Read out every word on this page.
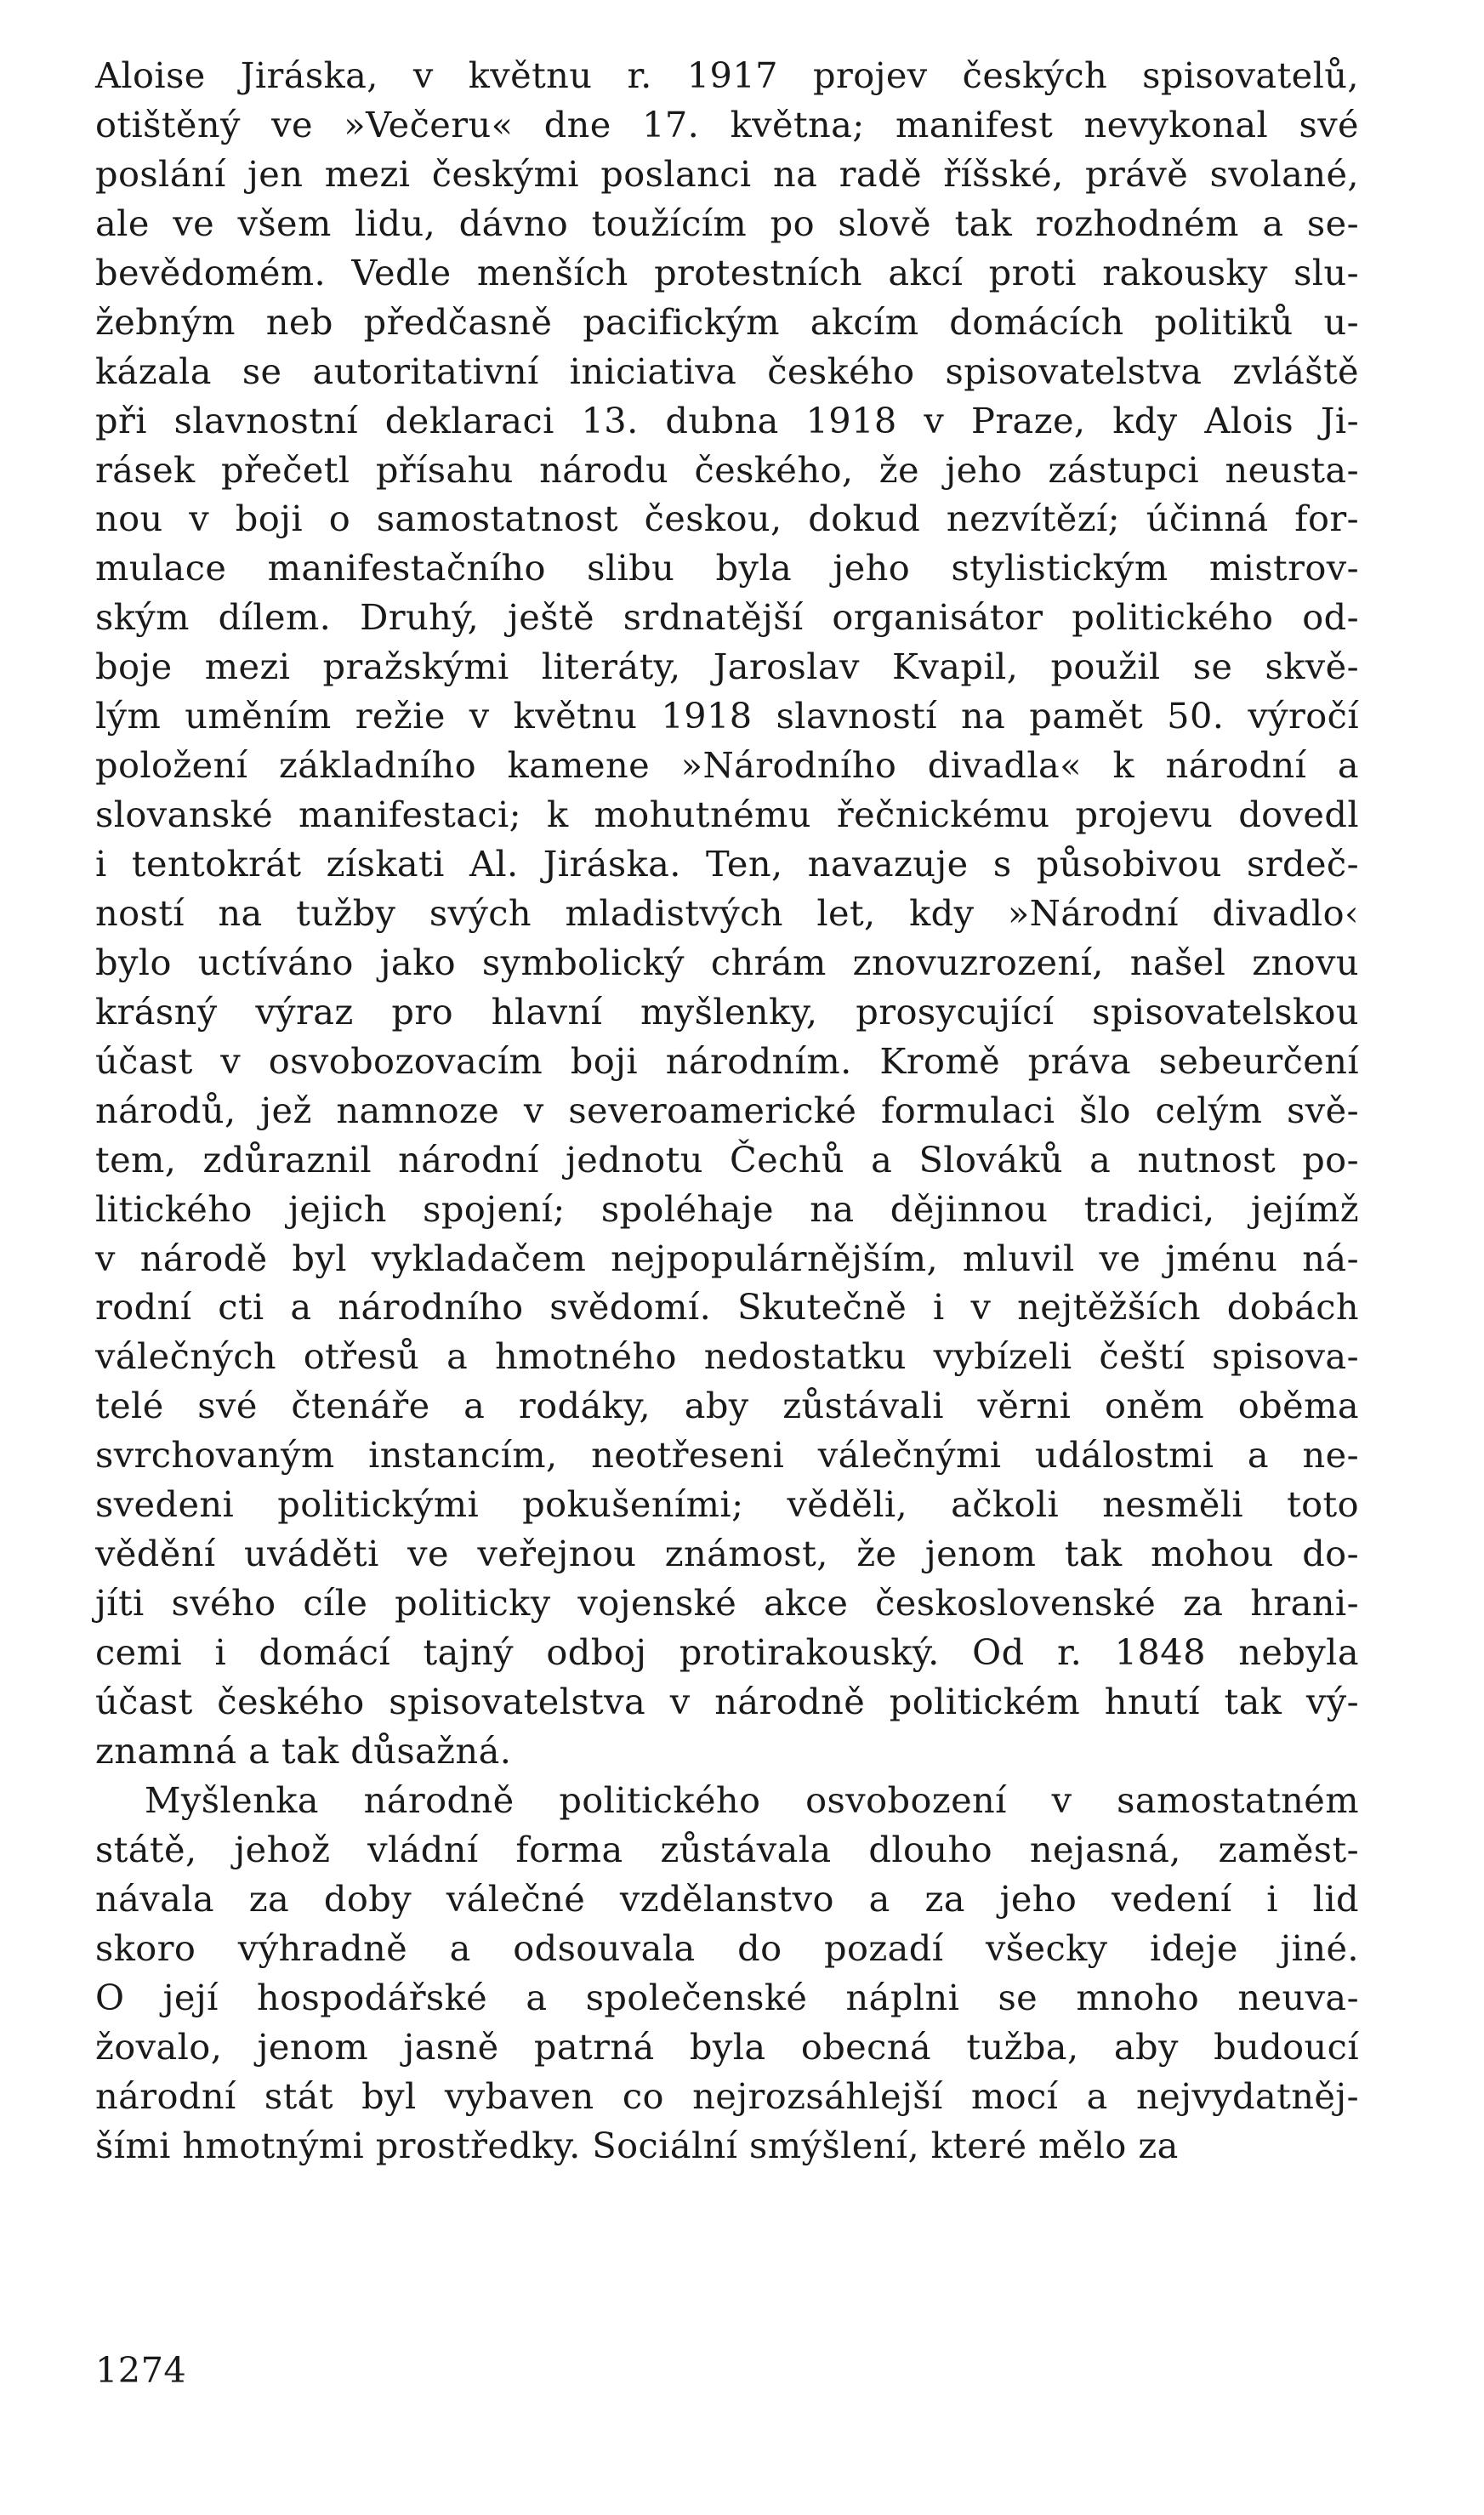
Aloise Jiráska, v květnu r. 1917 projev českých spisovatelů,
otištěný ve »Večeru« dne 17. května; manifest nevykonal své
poslání jen mezi českými poslanci na radě říšské, právě svolané,
ale ve všem lidu, dávno toužícím po slově tak rozhodném a se-
bevědomém. Vedle menších protestních akcí proti rakousky slu-
žebným neb předčasně pacifickým akcím domácích politiků u-
kázala se autoritativní iniciativa českého spisovatelstva zvláště
při slavnostní deklaraci 13. dubna 1918 v Praze, kdy Alois Ji-
rásek přečetl přísahu národu českého, že jeho zástupci neusta-
nou v boji o samostatnost českou, dokud nezvítězí; účinná for-
mulace manifestačního slibu byla jeho stylistickým mistrov-
ským dílem. Druhý, ještě srdnatější organisátor politického od-
boje mezi pražskými literáty, Jaroslav Kvapil, použil se skvě-
lým uměním režie v květnu 1918 slavností na pamět 50. výročí
položení základního kamene »Národního divadla« k národní a
slovanské manifestaci; k mohutnému řečnickému projevu dovedl
i tentokrát získati Al. Jiráska. Ten, navazuje s působivou srdeč-
ností na tužby svých mladistvých let, kdy »Národní divadlo‹
bylo uctíváno jako symbolický chrám znovuzrození, našel znovu
krásný výraz pro hlavní myšlenky, prosycující spisovatelskou
účast v osvobozovacím boji národním. Kromě práva sebeurčení
národů, jež namnoze v severoamerické formulaci šlo celým svě-
tem, zdůraznil národní jednotu Čechů a Slováků a nutnost po-
litického jejich spojení; spoléhaje na dějinnou tradici, jejímž
v národě byl vykladačem nejpopulárnějším, mluvil ve jménu ná-
rodní cti a národního svědomí. Skutečně i v nejtěžších dobách
válečných otřesů a hmotného nedostatku vybízeli čeští spisova-
telé své čtenáře a rodáky, aby zůstávali věrni oněm oběma
svrchovaným instancím, neotřeseni válečnými událostmi a ne-
svedeni politickými pokušeními; věděli, ačkoli nesměli toto
vědění uváděti ve veřejnou známost, že jenom tak mohou do-
jíti svého cíle politicky vojenské akce československé za hrani-
cemi i domácí tajný odboj protirakouský. Od r. 1848 nebyla
účast českého spisovatelstva v národně politickém hnutí tak vý-
znamná a tak důsažná.
Myšlenka národně politického osvobození v samostatném
státě, jehož vládní forma zůstávala dlouho nejasná, zaměst-
návala za doby válečné vzdělanstvo a za jeho vedení i lid
skoro výhradně a odsouvala do pozadí všecky ideje jiné.
O její hospodářské a společenské náplni se mnoho neuva-
žovalo, jenom jasně patrná byla obecná tužba, aby budoucí
národní stát byl vybaven co nejrozsáhlejší mocí a nejvydatněj-
šími hmotnými prostředky. Sociální smýšlení, které mělo za
1274
